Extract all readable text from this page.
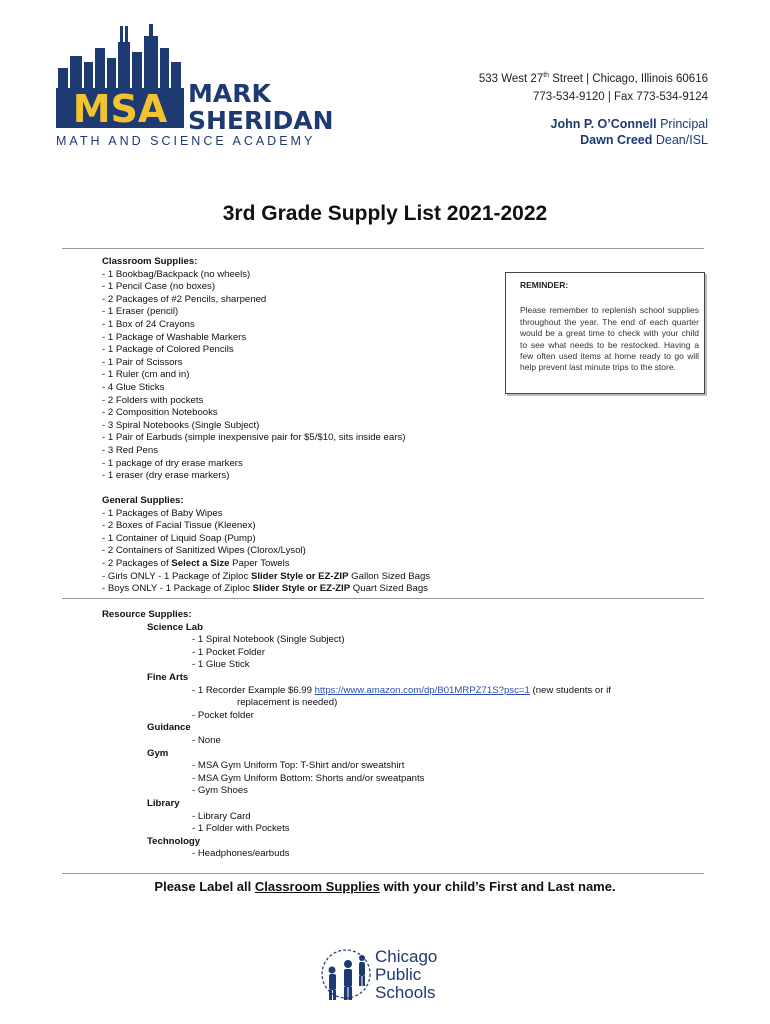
MSA MARK
SHERIDAN
MATH AND SCIENCE ACADEMY
533 West 27th Street | Chicago, Illinois 60616
773-534-9120 | Fax 773-534-9124
John P. O’Connell Principal
Dawn Creed Dean/ISL
3rd Grade Supply List 2021-2022
Classroom Supplies:
- 1 Bookbag/Backpack (no wheels)
- 1 Pencil Case (no boxes)
- 2 Packages of #2 Pencils, sharpened
- 1 Eraser (pencil)
- 1 Box of 24 Crayons
- 1 Package of Washable Markers
- 1 Package of Colored Pencils
- 1 Pair of Scissors
- 1 Ruler (cm and in)
- 4 Glue Sticks
- 2 Folders with pockets
- 2 Composition Notebooks
- 3 Spiral Notebooks (Single Subject)
- 1 Pair of Earbuds (simple inexpensive pair for $5/$10, sits inside ears)
- 3 Red Pens
- 1 package of dry erase markers
- 1 eraser (dry erase markers)
REMINDER:
Please remember to replenish school supplies throughout the year. The end of each quarter would be a great time to check with your child to see what needs to be restocked. Having a few often used items at home ready to go will help prevent last minute trips to the store.
General Supplies:
- 1 Packages of Baby Wipes
- 2 Boxes of Facial Tissue (Kleenex)
- 1 Container of Liquid Soap (Pump)
- 2 Containers of Sanitized Wipes (Clorox/Lysol)
- 2 Packages of Select a Size Paper Towels
- Girls ONLY - 1 Package of Ziploc Slider Style or EZ-ZIP Gallon Sized Bags
- Boys ONLY - 1 Package of Ziploc Slider Style or EZ-ZIP Quart Sized Bags
Resource Supplies:
Science Lab
- 1 Spiral Notebook (Single Subject)
- 1 Pocket Folder
- 1 Glue Stick
Fine Arts
- 1 Recorder Example $6.99 https://www.amazon.com/dp/B01MRPZ71S?psc=1 (new students or if
replacement is needed)
- Pocket folder
Guidance
- None
Gym
- MSA Gym Uniform Top: T-Shirt and/or sweatshirt
- MSA Gym Uniform Bottom: Shorts and/or sweatpants
- Gym Shoes
Library
- Library Card
- 1 Folder with Pockets
Technology
- Headphones/earbuds
Please Label all Classroom Supplies with your child’s First and Last name.
Chicago
Public
Schools
